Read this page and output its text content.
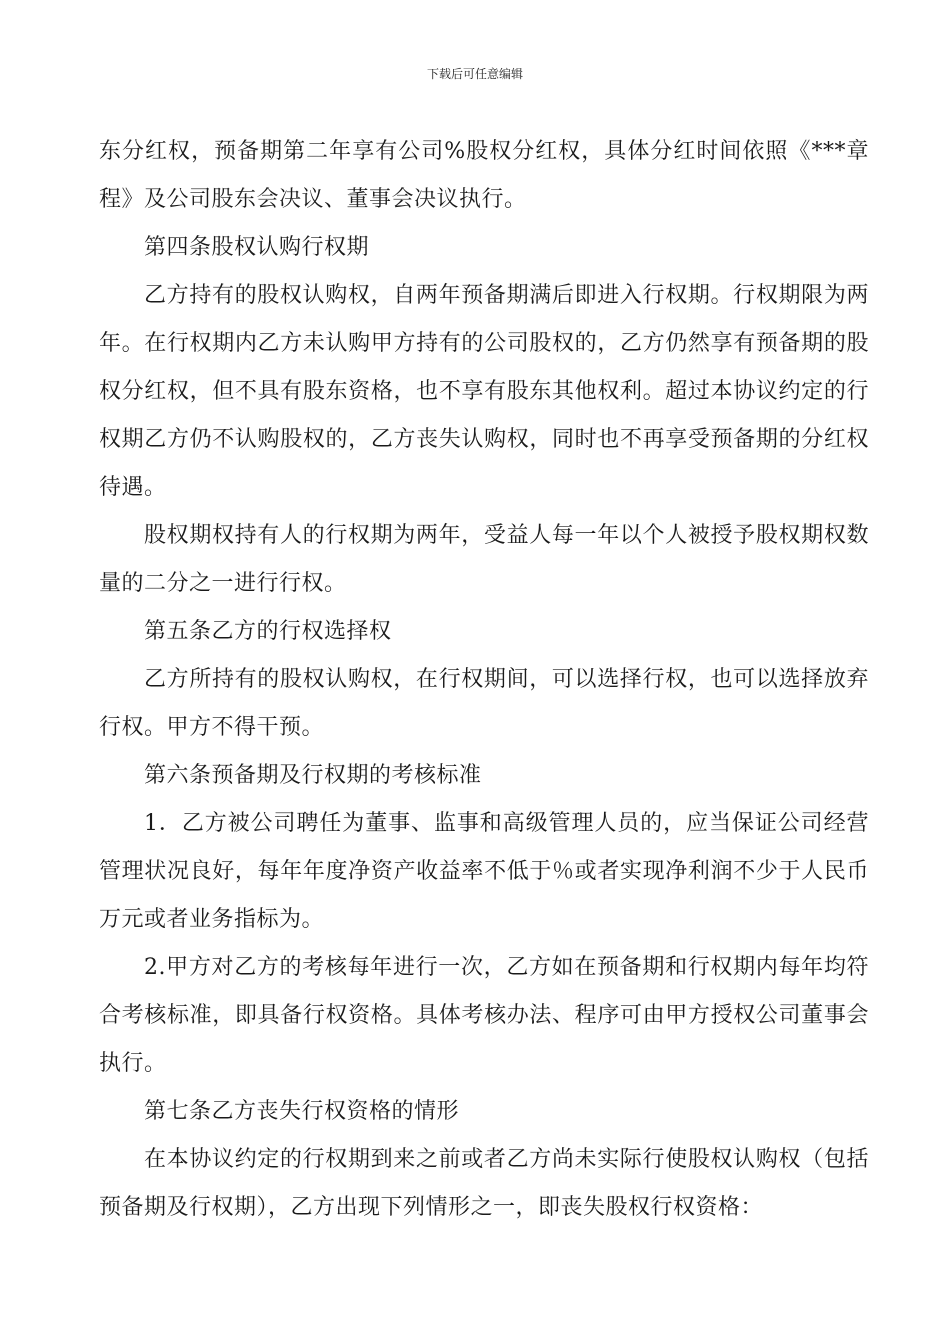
下载后可任意编辑

东分红权，预备期第二年享有公司%股权分红权，具体分红时间依照《***章程》及公司股东会决议、董事会决议执行。

第四条股权认购行权期

乙方持有的股权认购权，自两年预备期满后即进入行权期。行权期限为两年。在行权期内乙方未认购甲方持有的公司股权的，乙方仍然享有预备期的股权分红权，但不具有股东资格，也不享有股东其他权利。超过本协议约定的行权期乙方仍不认购股权的，乙方丧失认购权，同时也不再享受预备期的分红权待遇。

股权期权持有人的行权期为两年，受益人每一年以个人被授予股权期权数量的二分之一进行行权。

第五条乙方的行权选择权

乙方所持有的股权认购权，在行权期间，可以选择行权，也可以选择放弃行权。甲方不得干预。

第六条预备期及行权期的考核标准

1．乙方被公司聘任为董事、监事和高级管理人员的，应当保证公司经营管理状况良好，每年年度净资产收益率不低于％或者实现净利润不少于人民币万元或者业务指标为。

2.甲方对乙方的考核每年进行一次，乙方如在预备期和行权期内每年均符合考核标准，即具备行权资格。具体考核办法、程序可由甲方授权公司董事会执行。

第七条乙方丧失行权资格的情形

在本协议约定的行权期到来之前或者乙方尚未实际行使股权认购权（包括预备期及行权期），乙方出现下列情形之一，即丧失股权行权资格：
